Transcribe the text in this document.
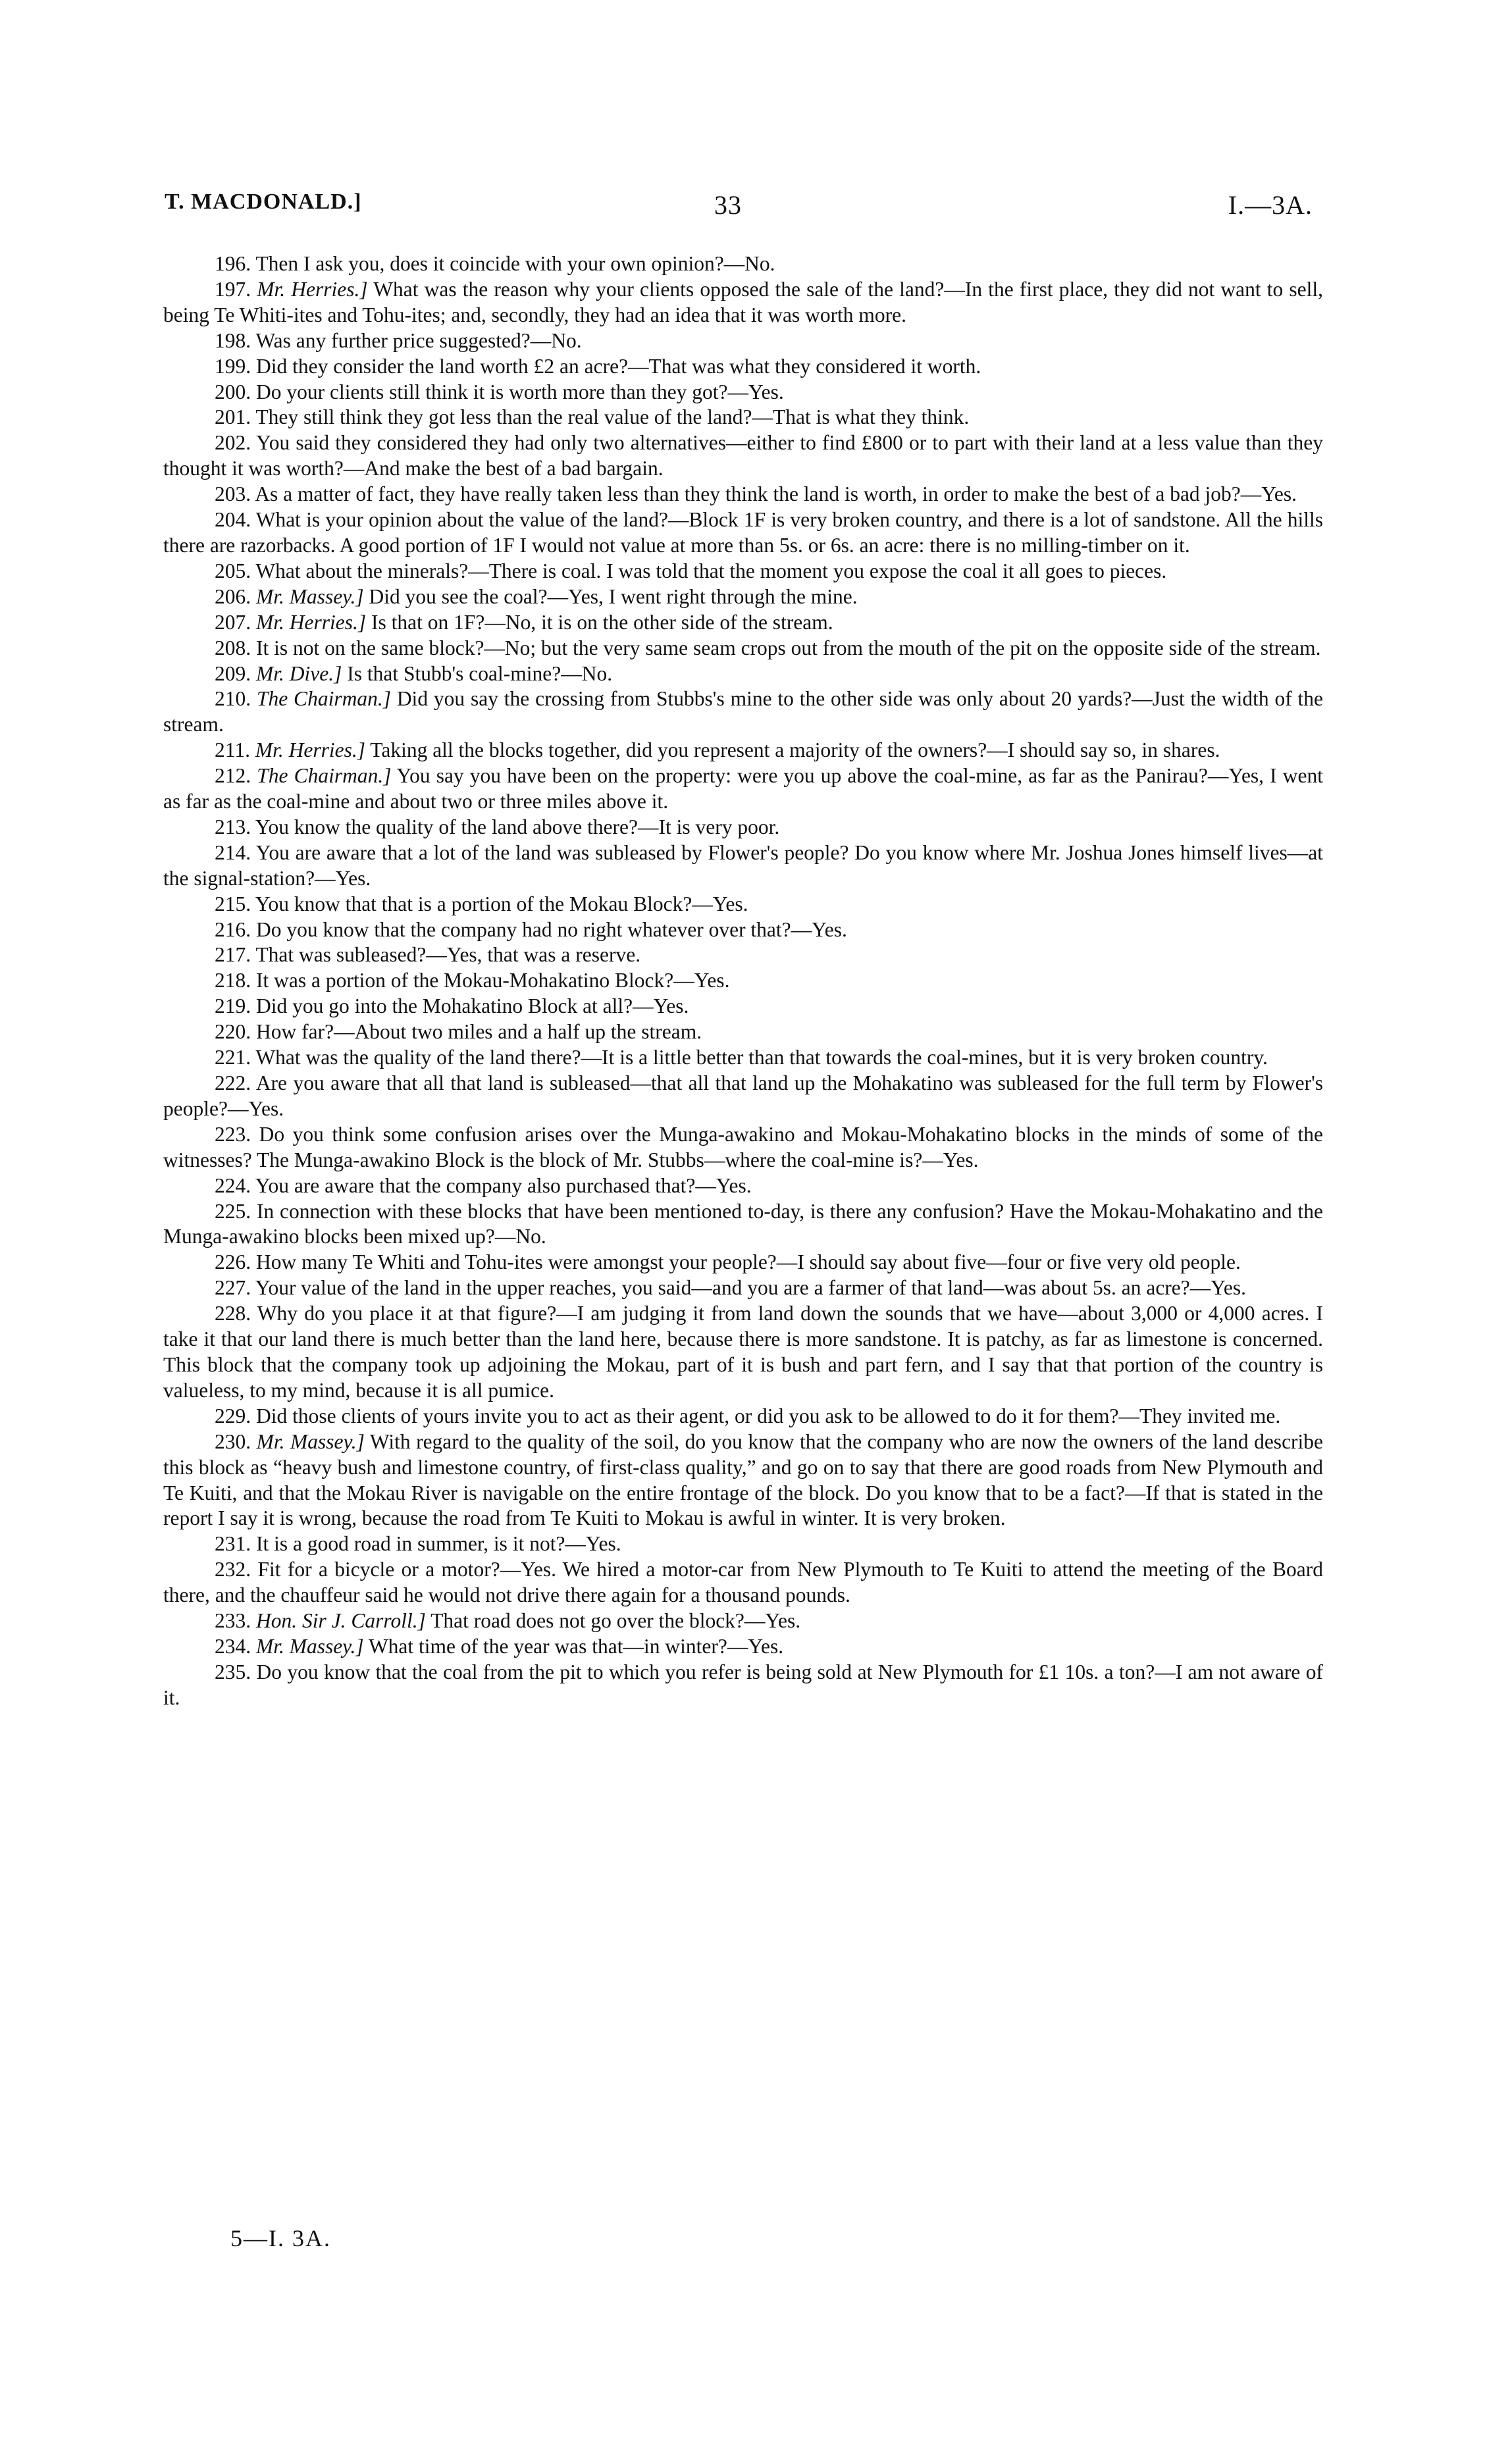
T. MACDONALD.]	33	I.—3A.

196. Then I ask you, does it coincide with your own opinion?—No.

197. Mr. Herries.] What was the reason why your clients opposed the sale of the land?—In the first place, they did not want to sell, being Te Whiti-ites and Tohu-ites; and, secondly, they had an idea that it was worth more.

198. Was any further price suggested?—No.

199. Did they consider the land worth £2 an acre?—That was what they considered it worth.

200. Do your clients still think it is worth more than they got?—Yes.

201. They still think they got less than the real value of the land?—That is what they think.

202. You said they considered they had only two alternatives—either to find £800 or to part with their land at a less value than they thought it was worth?—And make the best of a bad bargain.

203. As a matter of fact, they have really taken less than they think the land is worth, in order to make the best of a bad job?—Yes.

204. What is your opinion about the value of the land?—Block 1F is very broken country, and there is a lot of sandstone. All the hills there are razorbacks. A good portion of 1F I would not value at more than 5s. or 6s. an acre: there is no milling-timber on it.

205. What about the minerals?—There is coal. I was told that the moment you expose the coal it all goes to pieces.

206. Mr. Massey.] Did you see the coal?—Yes, I went right through the mine.

207. Mr. Herries.] Is that on 1F?—No, it is on the other side of the stream.

208. It is not on the same block?—No; but the very same seam crops out from the mouth of the pit on the opposite side of the stream.

209. Mr. Dive.] Is that Stubb's coal-mine?—No.

210. The Chairman.] Did you say the crossing from Stubbs's mine to the other side was only about 20 yards?—Just the width of the stream.

211. Mr. Herries.] Taking all the blocks together, did you represent a majority of the owners?—I should say so, in shares.

212. The Chairman.] You say you have been on the property: were you up above the coal-mine, as far as the Panirau?—Yes, I went as far as the coal-mine and about two or three miles above it.

213. You know the quality of the land above there?—It is very poor.

214. You are aware that a lot of the land was subleased by Flower's people? Do you know where Mr. Joshua Jones himself lives—at the signal-station?—Yes.

215. You know that that is a portion of the Mokau Block?—Yes.

216. Do you know that the company had no right whatever over that?—Yes.

217. That was subleased?—Yes, that was a reserve.

218. It was a portion of the Mokau-Mohakatino Block?—Yes.

219. Did you go into the Mohakatino Block at all?—Yes.

220. How far?—About two miles and a half up the stream.

221. What was the quality of the land there?—It is a little better than that towards the coal-mines, but it is very broken country.

222. Are you aware that all that land is subleased—that all that land up the Mohakatino was subleased for the full term by Flower's people?—Yes.

223. Do you think some confusion arises over the Munga-awakino and Mokau-Mohakatino blocks in the minds of some of the witnesses? The Munga-awakino Block is the block of Mr. Stubbs—where the coal-mine is?—Yes.

224. You are aware that the company also purchased that?—Yes.

225. In connection with these blocks that have been mentioned to-day, is there any confusion? Have the Mokau-Mohakatino and the Munga-awakino blocks been mixed up?—No.

226. How many Te Whiti and Tohu-ites were amongst your people?—I should say about five—four or five very old people.

227. Your value of the land in the upper reaches, you said—and you are a farmer of that land—was about 5s. an acre?—Yes.

228. Why do you place it at that figure?—I am judging it from land down the sounds that we have—about 3,000 or 4,000 acres. I take it that our land there is much better than the land here, because there is more sandstone. It is patchy, as far as limestone is concerned. This block that the company took up adjoining the Mokau, part of it is bush and part fern, and I say that that portion of the country is valueless, to my mind, because it is all pumice.

229. Did those clients of yours invite you to act as their agent, or did you ask to be allowed to do it for them?—They invited me.

230. Mr. Massey.] With regard to the quality of the soil, do you know that the company who are now the owners of the land describe this block as “heavy bush and limestone country, of first-class quality,” and go on to say that there are good roads from New Plymouth and Te Kuiti, and that the Mokau River is navigable on the entire frontage of the block. Do you know that to be a fact?—If that is stated in the report I say it is wrong, because the road from Te Kuiti to Mokau is awful in winter. It is very broken.

231. It is a good road in summer, is it not?—Yes.

232. Fit for a bicycle or a motor?—Yes. We hired a motor-car from New Plymouth to Te Kuiti to attend the meeting of the Board there, and the chauffeur said he would not drive there again for a thousand pounds.

233. Hon. Sir J. Carroll.] That road does not go over the block?—Yes.

234. Mr. Massey.] What time of the year was that—in winter?—Yes.

235. Do you know that the coal from the pit to which you refer is being sold at New Plymouth for £1 10s. a ton?—I am not aware of it.

5—I. 3A.
